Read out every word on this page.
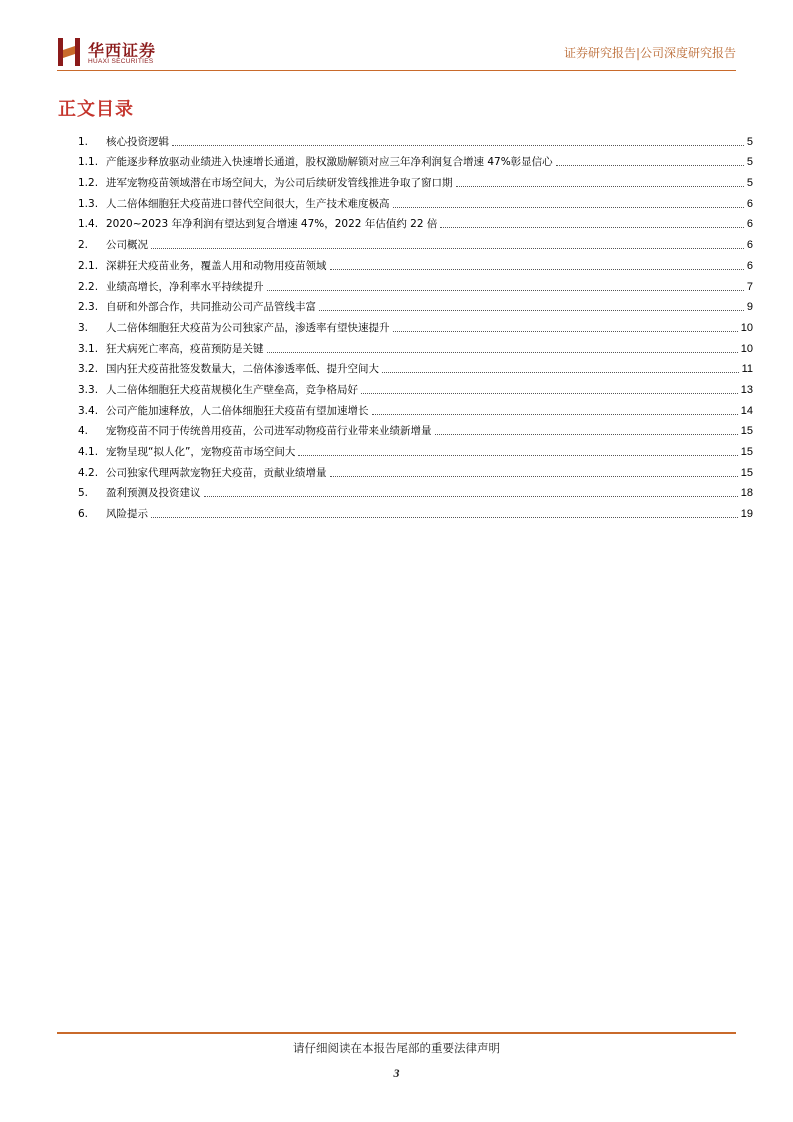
华西证券
HUAXI SECURITIES
证券研究报告|公司深度研究报告
正文目录
1.	核心投资逻辑	5
1.1. 产能逐步释放驱动业绩进入快速增长通道，股权激励解锁对应三年净利润复合增速 47%彰显信心	5
1.2. 进军宠物疫苗领域潜在市场空间大，为公司后续研发管线推进争取了窗口期	5
1.3. 人二倍体细胞狂犬疫苗进口替代空间很大，生产技术难度极高	6
1.4. 2020~2023 年净利润有望达到复合增速 47%，2022 年估值约 22 倍	6
2.	公司概况	6
2.1. 深耕狂犬疫苗业务，覆盖人用和动物用疫苗领域	6
2.2. 业绩高增长，净利率水平持续提升	7
2.3. 自研和外部合作，共同推动公司产品管线丰富	9
3.	人二倍体细胞狂犬疫苗为公司独家产品，渗透率有望快速提升	10
3.1. 狂犬病死亡率高，疫苗预防是关键	10
3.2. 国内狂犬疫苗批签发数量大，二倍体渗透率低、提升空间大	11
3.3. 人二倍体细胞狂犬疫苗规模化生产壁垒高，竞争格局好	13
3.4. 公司产能加速释放，人二倍体细胞狂犬疫苗有望加速增长	14
4.	宠物疫苗不同于传统兽用疫苗，公司进军动物疫苗行业带来业绩新增量	15
4.1. 宠物呈现“拟人化”，宠物疫苗市场空间大	15
4.2. 公司独家代理两款宠物狂犬疫苗，贡献业绩增量	15
5.	盈利预测及投资建议	18
6.	风险提示	19
请仔细阅读在本报告尾部的重要法律声明
3
